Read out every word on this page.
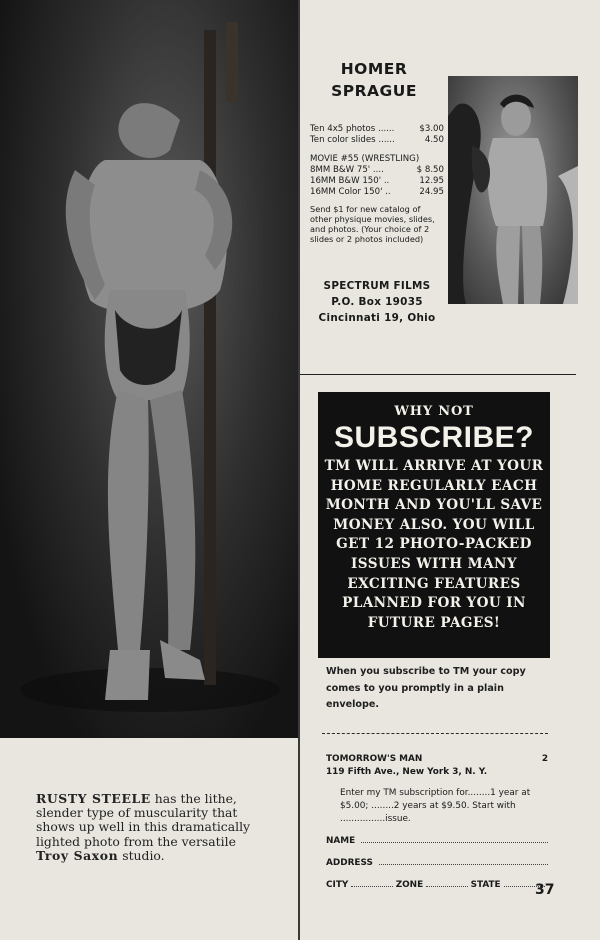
RUSTY STEELE has the lithe, slender type of muscularity that shows up well in this dramatically lighted photo from the versatile Troy Saxon studio.
HOMER
SPRAGUE
Ten 4x5 photos ......	$3.00
Ten color slides ......	4.50
MOVIE #55 (WRESTLING)
8MM B&W 75' ....	$ 8.50
16MM B&W 150' ..	12.95
16MM Color 150' ..	24.95
Send $1 for new catalog of other physique movies, slides, and photos. (Your choice of 2 slides or 2 photos included)
SPECTRUM FILMS
P.O. Box 19035
Cincinnati 19, Ohio
WHY NOT
SUBSCRIBE?
TM WILL ARRIVE AT YOUR HOME REGULARLY EACH MONTH AND YOU'LL SAVE MONEY ALSO. YOU WILL GET 12 PHOTO-PACKED ISSUES WITH MANY EXCITING FEATURES PLANNED FOR YOU IN FUTURE PAGES!
When you subscribe to TM your copy comes to you promptly in a plain envelope.
TOMORROW'S MAN	2
119 Fifth Ave., New York 3, N. Y.
Enter my TM subscription for........1 year at $5.00; ........2 years at $9.50. Start with ................issue.
NAME
ADDRESS
CITY	ZONE	STATE 37
